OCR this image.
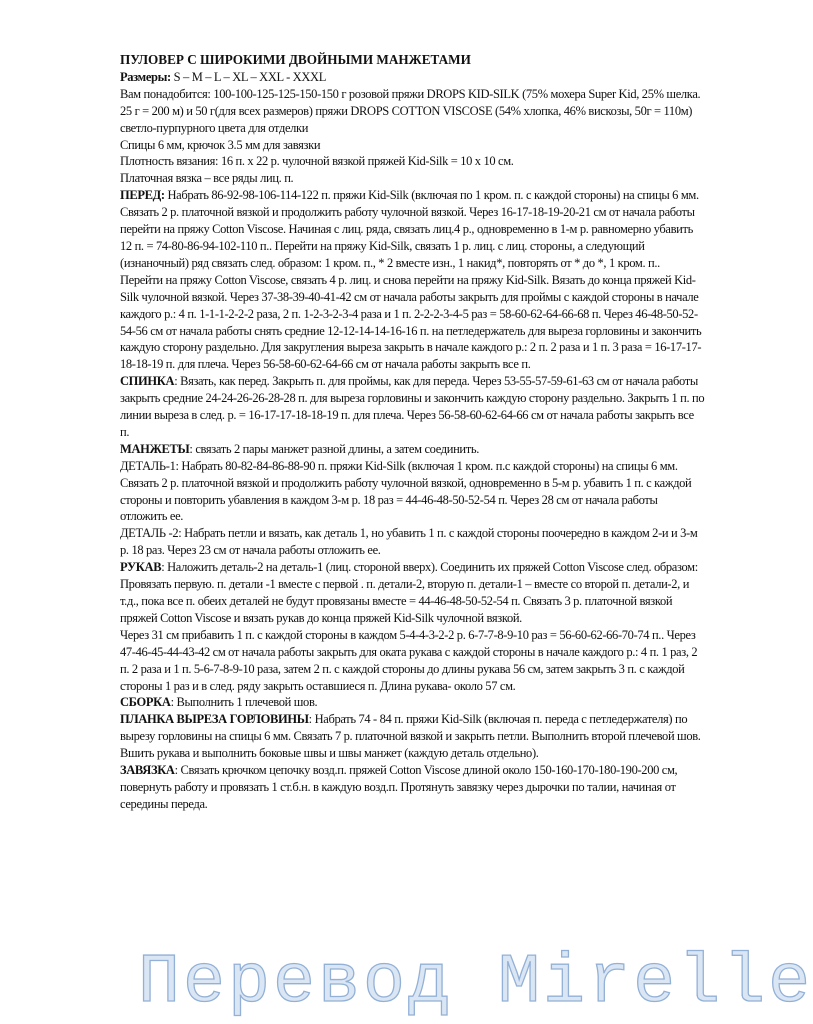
ПУЛОВЕР С ШИРОКИМИ ДВОЙНЫМИ МАНЖЕТАМИ

Размеры: S – M – L – XL – XXL - XXXL

Вам понадобится: 100-100-125-125-150-150 г розовой пряжи DROPS KID-SILK (75% мохера Super Kid, 25% шелка. 25 г = 200 м) и 50 г(для всех размеров) пряжи DROPS COTTON VISCOSE (54% хлопка, 46% вискозы, 50г = 110м) светло-пурпурного цвета для отделки

Спицы 6 мм, крючок 3.5 мм для завязки

Плотность вязания: 16 п. х 22 р. чулочной вязкой пряжей Kid-Silk = 10 х 10 см.

Платочная вязка – все ряды лиц. п.

ПЕРЕД: Набрать 86-92-98-106-114-122 п. пряжи Kid-Silk (включая по 1 кром. п. с каждой стороны) на спицы 6 мм. Связать 2 р. платочной вязкой и продолжить работу чулочной вязкой. Через 16-17-18-19-20-21 см от начала работы перейти на пряжу Cotton Viscose. Начиная с лиц. ряда, связать лиц.4 р., одновременно в 1-м р. равномерно убавить 12 п. = 74-80-86-94-102-110 п.. Перейти на пряжу Kid-Silk, связать 1 р. лиц. с лиц. стороны, а следующий (изнаночный) ряд связать след. образом: 1 кром. п., * 2 вместе изн., 1 накид*, повторять от * до *, 1 кром. п.. Перейти на пряжу Cotton Viscose, связать 4 р. лиц. и снова перейти на пряжу Kid-Silk. Вязать до конца пряжей Kid-Silk чулочной вязкой. Через 37-38-39-40-41-42 см от начала работы закрыть для проймы с каждой стороны в начале каждого р.: 4 п. 1-1-1-2-2-2 раза, 2 п. 1-2-3-2-3-4 раза и 1 п. 2-2-2-3-4-5 раз = 58-60-62-64-66-68 п. Через 46-48-50-52-54-56 см от начала работы снять средние 12-12-14-14-16-16 п. на петледержатель для выреза горловины и закончить каждую сторону раздельно. Для закругления выреза закрыть в начале каждого р.: 2 п. 2 раза и 1 п. 3 раза = 16-17-17-18-18-19 п. для плеча. Через 56-58-60-62-64-66 см от начала работы закрыть все п.

СПИНКА: Вязать, как перед. Закрыть п. для проймы, как для переда. Через 53-55-57-59-61-63 см от начала работы закрыть средние 24-24-26-26-28-28 п. для выреза горловины и закончить каждую сторону раздельно. Закрыть 1 п. по линии выреза в след. р. = 16-17-17-18-18-19 п. для плеча. Через 56-58-60-62-64-66 см от начала работы закрыть все п.

МАНЖЕТЫ: связать 2 пары манжет разной длины, а затем соединить.

ДЕТАЛЬ-1: Набрать 80-82-84-86-88-90 п. пряжи Kid-Silk (включая 1 кром. п.с каждой стороны) на спицы 6 мм. Связать 2 р. платочной вязкой и продолжить работу чулочной вязкой, одновременно в 5-м р. убавить 1 п. с каждой стороны и повторить убавления в каждом 3-м р. 18 раз = 44-46-48-50-52-54 п. Через 28 см от начала работы отложить ее.

ДЕТАЛЬ -2: Набрать петли и вязать, как деталь 1, но убавить 1 п. с каждой стороны поочередно в каждом 2-и и 3-м р. 18 раз. Через 23 см от начала работы отложить ее.

РУКАВ: Наложить деталь-2 на деталь-1 (лиц. стороной вверх). Соединить их пряжей Cotton Viscose след. образом: Провязать первую. п. детали -1 вместе с первой . п. детали-2, вторую п. детали-1 – вместе со второй п. детали-2, и т.д., пока все п. обеих деталей не будут провязаны вместе = 44-46-48-50-52-54 п. Связать 3 р. платочной вязкой пряжей Cotton Viscose и вязать рукав до конца пряжей Kid-Silk чулочной вязкой.

Через 31 см прибавить 1 п. с каждой стороны в каждом 5-4-4-3-2-2 р. 6-7-7-8-9-10 раз = 56-60-62-66-70-74 п.. Через 47-46-45-44-43-42 см от начала работы закрыть для оката рукава с каждой стороны в начале каждого р.: 4 п. 1 раз, 2 п. 2 раза и 1 п. 5-6-7-8-9-10 раза, затем 2 п. с каждой стороны до длины рукава 56 см, затем закрыть 3 п. с каждой стороны 1 раз и в след. ряду закрыть оставшиеся п. Длина рукава- около 57 см.

СБОРКА: Выполнить 1 плечевой шов.

ПЛАНКА ВЫРЕЗА ГОРЛОВИНЫ: Набрать 74 - 84 п. пряжи Kid-Silk (включая п. переда с петледержателя) по вырезу горловины на спицы 6 мм. Связать 7 р. платочной вязкой и закрыть петли. Выполнить второй плечевой шов.

Вшить рукава и выполнить боковые швы и швы манжет (каждую деталь отдельно).

ЗАВЯЗКА: Связать крючком цепочку возд.п. пряжей Cotton Viscose длиной около 150-160-170-180-190-200 см, повернуть работу и провязать 1 ст.б.н. в каждую возд.п. Протянуть завязку через дырочки по талии, начиная от середины переда.

Перевод Mirelle
